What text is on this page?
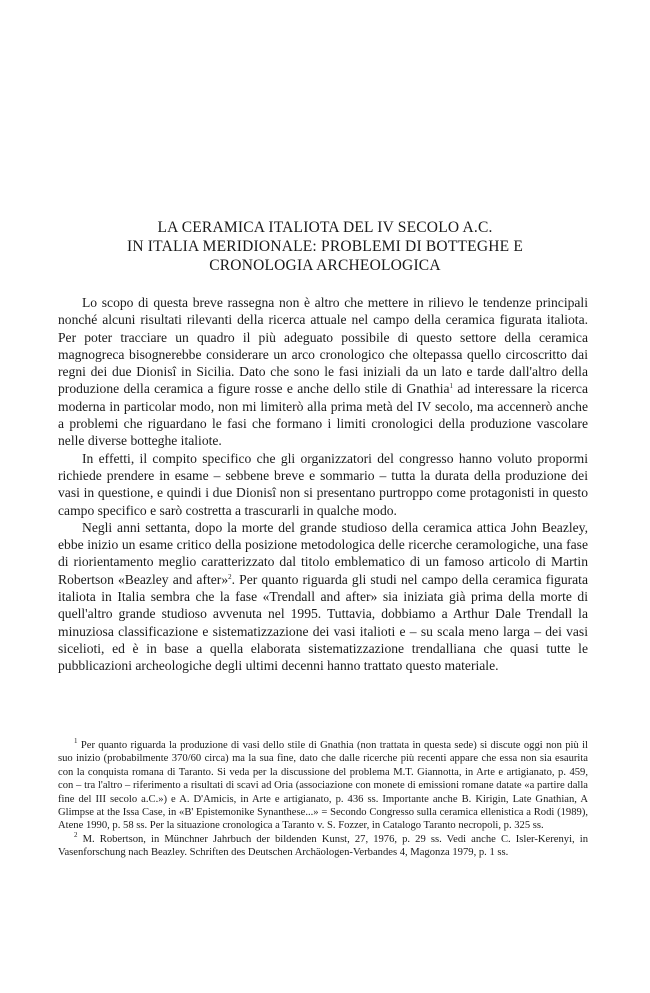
LA CERAMICA ITALIOTA DEL IV SECOLO A.C.
IN ITALIA MERIDIONALE: PROBLEMI DI BOTTEGHE E
CRONOLOGIA ARCHEOLOGICA

Lo scopo di questa breve rassegna non è altro che mettere in rilievo le tendenze principali nonché alcuni risultati rilevanti della ricerca attuale nel campo della ceramica figurata italiota. Per poter tracciare un quadro il più adeguato possibile di questo settore della ceramica magnogreca bisognerebbe considerare un arco cronologico che oltepassa quello circoscritto dai regni dei due Dionisî in Sicilia. Dato che sono le fasi iniziali da un lato e tarde dall'altro della produzione della ceramica a figure rosse e anche dello stile di Gnathia$^1$ ad interessare la ricerca moderna in particolar modo, non mi limiterò alla prima metà del IV secolo, ma accennerò anche a problemi che riguardano le fasi che formano i limiti cronologici della produzione vascolare nelle diverse botteghe italiote.

In effetti, il compito specifico che gli organizzatori del congresso hanno voluto propormi richiede prendere in esame – sebbene breve e sommario – tutta la durata della produzione dei vasi in questione, e quindi i due Dionisî non si presentano purtroppo come protagonisti in questo campo specifico e sarò costretta a trascurarli in qualche modo.

Negli anni settanta, dopo la morte del grande studioso della ceramica attica John Beazley, ebbe inizio un esame critico della posizione metodologica delle ricerche ceramologiche, una fase di riorientamento meglio caratterizzato dal titolo emblematico di un famoso articolo di Martin Robertson «Beazley and after»$^2$. Per quanto riguarda gli studi nel campo della ceramica figurata italiota in Italia sembra che la fase «Trendall and after» sia iniziata già prima della morte di quell'altro grande studioso avvenuta nel 1995. Tuttavia, dobbiamo a Arthur Dale Trendall la minuziosa classificazione e sistematizzazione dei vasi italioti e – su scala meno larga – dei vasi sicelioti, ed è in base a quella elaborata sistematizzazione trendalliana che quasi tutte le pubblicazioni archeologiche degli ultimi decenni hanno trattato questo materiale.

$^1$ Per quanto riguarda la produzione di vasi dello stile di Gnathia (non trattata in questa sede) si discute oggi non più il suo inizio (probabilmente 370/60 circa) ma la sua fine, dato che dalle ricerche più recenti appare che essa non sia esaurita con la conquista romana di Taranto. Si veda per la discussione del problema M.T. Giannotta, in Arte e artigianato, p. 459, con – tra l'altro – riferimento a risultati di scavi ad Oria (associazione con monete di emissioni romane datate «a partire dalla fine del III secolo a.C.») e A. D'Amicis, in Arte e artigianato, p. 436 ss. Importante anche B. Kirigin, Late Gnathian, A Glimpse at the Issa Case, in «Β' Epistemonike Synanthese...» = Secondo Congresso sulla ceramica ellenistica a Rodi (1989), Atene 1990, p. 58 ss. Per la situazione cronologica a Taranto v. S. Fozzer, in Catalogo Taranto necropoli, p. 325 ss.

$^2$ M. Robertson, in Münchner Jahrbuch der bildenden Kunst, 27, 1976, p. 29 ss. Vedi anche C. Isler-Kerenyi, in Vasenforschung nach Beazley. Schriften des Deutschen Archäologen-Verbandes 4, Magonza 1979, p. 1 ss.
